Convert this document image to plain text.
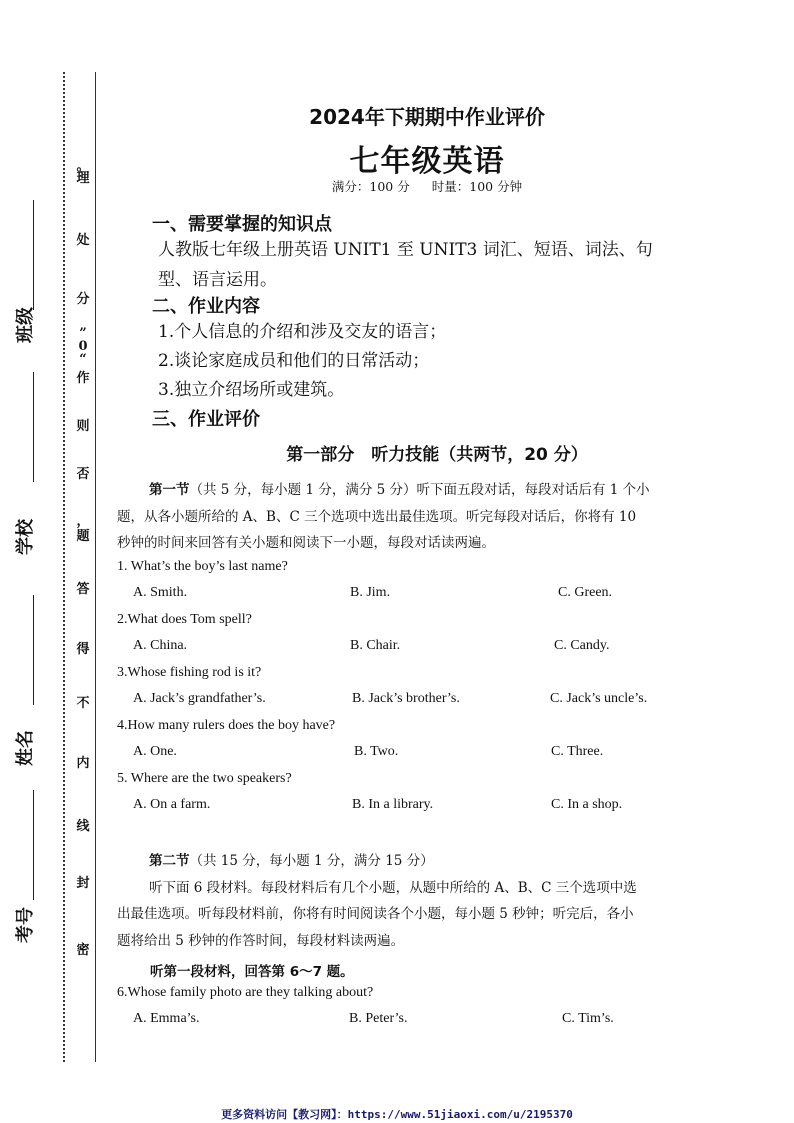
理
。
处
分
”
0
“
作
则
否
，
题
答
得
不
内
线
封
密
班级
学校
姓名
考号
2024年下期期中作业评价
七年级英语
满分：100 分 时量：100 分钟
一、需要掌握的知识点
人教版七年级上册英语 UNIT1 至 UNIT3 词汇、短语、词法、句
型、语言运用。
二、作业内容
1.个人信息的介绍和涉及交友的语言；
2.谈论家庭成员和他们的日常活动；
3.独立介绍场所或建筑。
三、作业评价
第一部分　听力技能（共两节，20 分）
第一节（共 5 分，每小题 1 分，满分 5 分）听下面五段对话，每段对话后有 1 个小
题，从各小题所给的 A、B、C 三个选项中选出最佳选项。听完每段对话后，你将有 10
秒钟的时间来回答有关小题和阅读下一小题，每段对话读两遍。
1. What’s the boy’s last name?
A. Smith.	B. Jim.	C. Green.
2.What does Tom spell?
A. China.	B. Chair.	C. Candy.
3.Whose fishing rod is it?
A. Jack’s grandfather’s.	B. Jack’s brother’s.	C. Jack’s uncle’s.
4.How many rulers does the boy have?
A. One.	B. Two.	C. Three.
5. Where are the two speakers?
A. On a farm.	B. In a library.	C. In a shop.
第二节（共 15 分，每小题 1 分，满分 15 分）
听下面 6 段材料。每段材料后有几个小题，从题中所给的 A、B、C 三个选项中选
出最佳选项。听每段材料前，你将有时间阅读各个小题，每小题 5 秒钟；听完后，各小
题将给出 5 秒钟的作答时间，每段材料读两遍。
听第一段材料，回答第 6～7 题。
6.Whose family photo are they talking about?
A. Emma’s.	B. Peter’s.	C. Tim’s.
更多资料访问【教习网】：https://www.51jiaoxi.com/u/2195370
